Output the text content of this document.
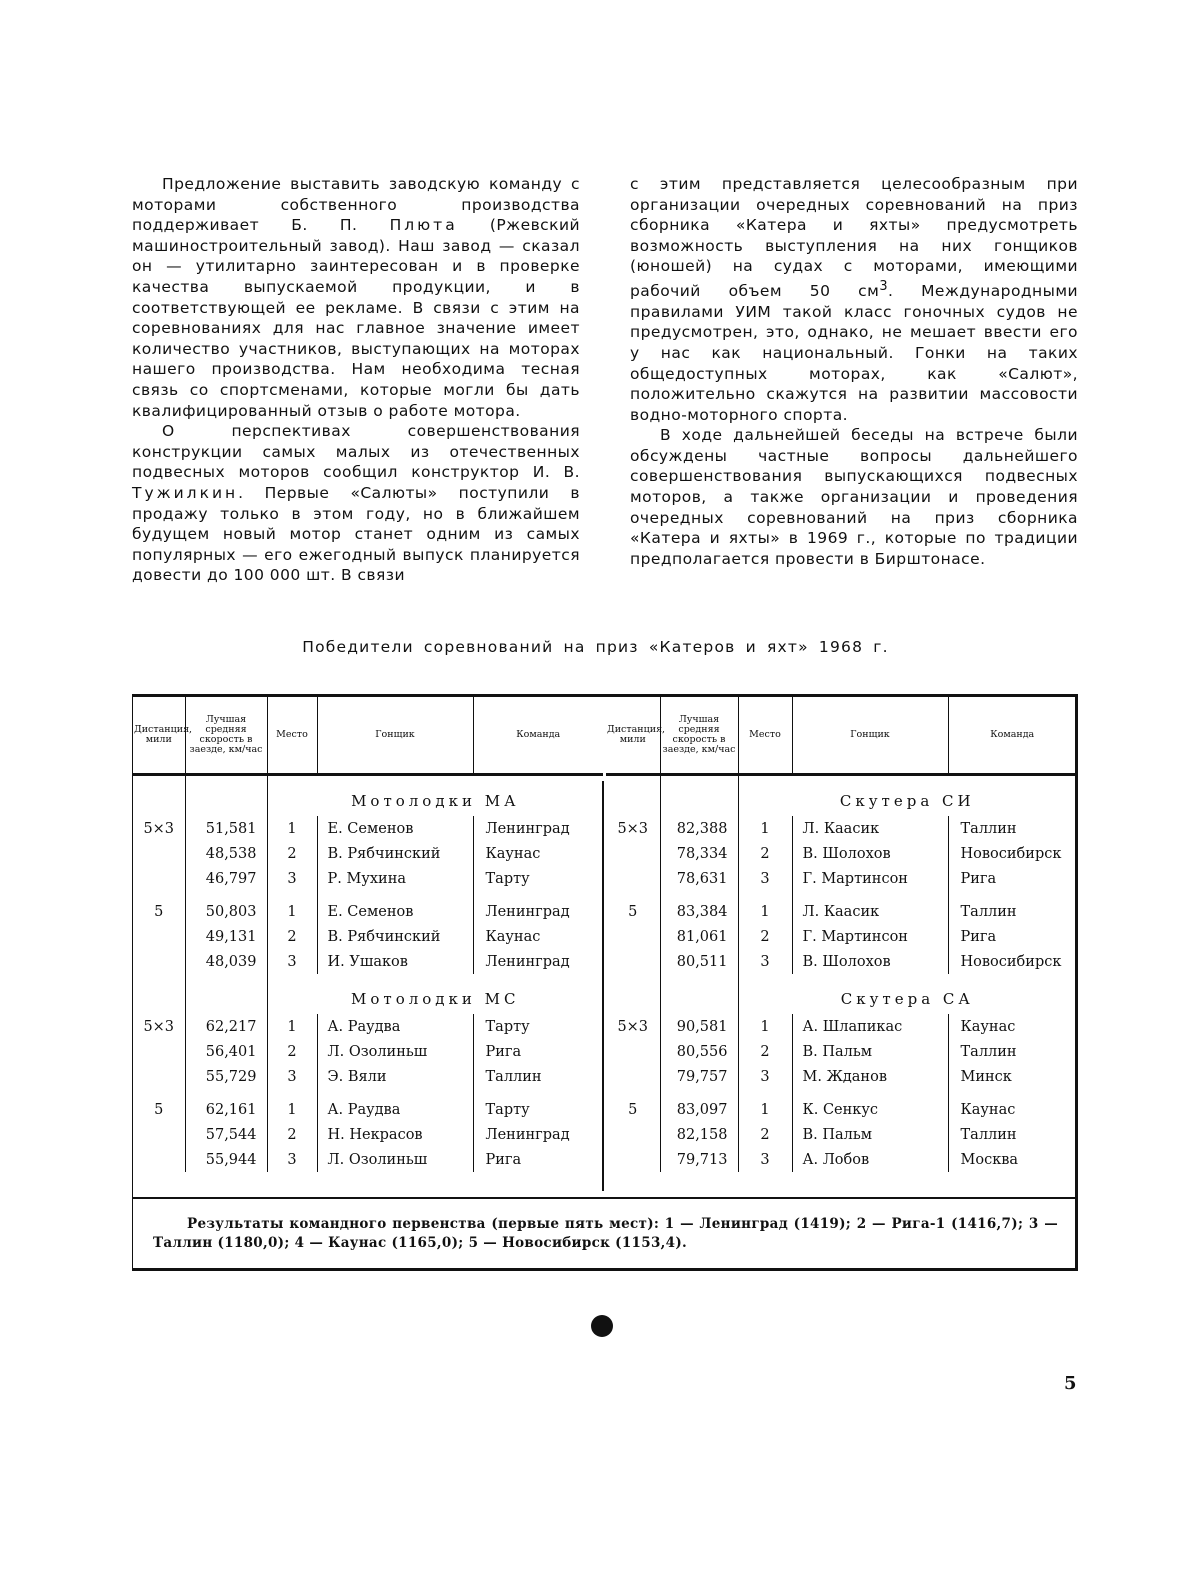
Предложение выставить заводскую команду с моторами собственного производства поддерживает Б. П. Плюта (Ржевский машиностроительный завод). Наш завод — сказал он — утилитарно заинтересован и в проверке качества выпускаемой продукции, и в соответствующей ее рекламе. В связи с этим на соревнованиях для нас главное значение имеет количество участников, выступающих на моторах нашего производства. Нам необходима тесная связь со спортсменами, которые могли бы дать квалифицированный отзыв о работе мотора.

О перспективах совершенствования конструкции самых малых из отечественных подвесных моторов сообщил конструктор И. В. Тужилкин. Первые «Салюты» поступили в продажу только в этом году, но в ближайшем будущем новый мотор станет одним из самых популярных — его ежегодный выпуск планируется довести до 100 000 шт. В связи

с этим представляется целесообразным при организации очередных соревнований на приз сборника «Катера и яхты» предусмотреть возможность выступления на них гонщиков (юношей) на судах с моторами, имеющими рабочий объем 50 $см^3$. Международными правилами УИМ такой класс гоночных судов не предусмотрен, это, однако, не мешает ввести его у нас как национальный. Гонки на таких общедоступных моторах, как «Салют», положительно скажутся на развитии массовости водно-моторного спорта.

В ходе дальнейшей беседы на встрече были обсуждены частные вопросы дальнейшего совершенствования выпускающихся подвесных моторов, а также организации и проведения очередных соревнований на приз сборника «Катера и яхты» в 1969 г., которые по традиции предполагается провести в Бирштонасе.

Победители соревнований на приз «Катеров и яхт» 1968 г.
Дистанция, мили	Лучшая средняя скорость в заезде, км/час	Место	Гонщик	Команда
		Мотолодки МА		
5⨯3	51,581	1	Е. Семенов	Ленинград
	48,538	2	В. Рябчинский	Каунас
	46,797	3	Р. Мухина	Тарту
5	50,803	1	Е. Семенов	Ленинград
	49,131	2	В. Рябчинский	Каунас
	48,039	3	И. Ушаков	Ленинград
		Мотолодки МС		
5⨯3	62,217	1	А. Раудва	Тарту
	56,401	2	Л. Озолиньш	Рига
	55,729	3	Э. Вяли	Таллин
5	62,161	1	А. Раудва	Тарту
	57,544	2	Н. Некрасов	Ленинград
	55,944	3	Л. Озолиньш	Рига
Дистанция, мили	Лучшая средняя скорость в заезде, км/час	Место	Гонщик	Команда
		Скутера СИ		
5⨯3	82,388	1	Л. Каасик	Таллин
	78,334	2	В. Шолохов	Новосибирск
	78,631	3	Г. Мартинсон	Рига
5	83,384	1	Л. Каасик	Таллин
	81,061	2	Г. Мартинсон	Рига
	80,511	3	В. Шолохов	Новосибирск
		Скутера СА		
5⨯3	90,581	1	А. Шлапикас	Каунас
	80,556	2	В. Пальм	Таллин
	79,757	3	М. Жданов	Минск
5	83,097	1	К. Сенкус	Каунас
	82,158	2	В. Пальм	Таллин
	79,713	3	А. Лобов	Москва
Результаты командного первенства (первые пять мест): 1 — Ленинград (1419); 2 — Рига-1 (1416,7); 3 — Таллин (1180,0); 4 — Каунас (1165,0); 5 — Новосибирск (1153,4).
5
